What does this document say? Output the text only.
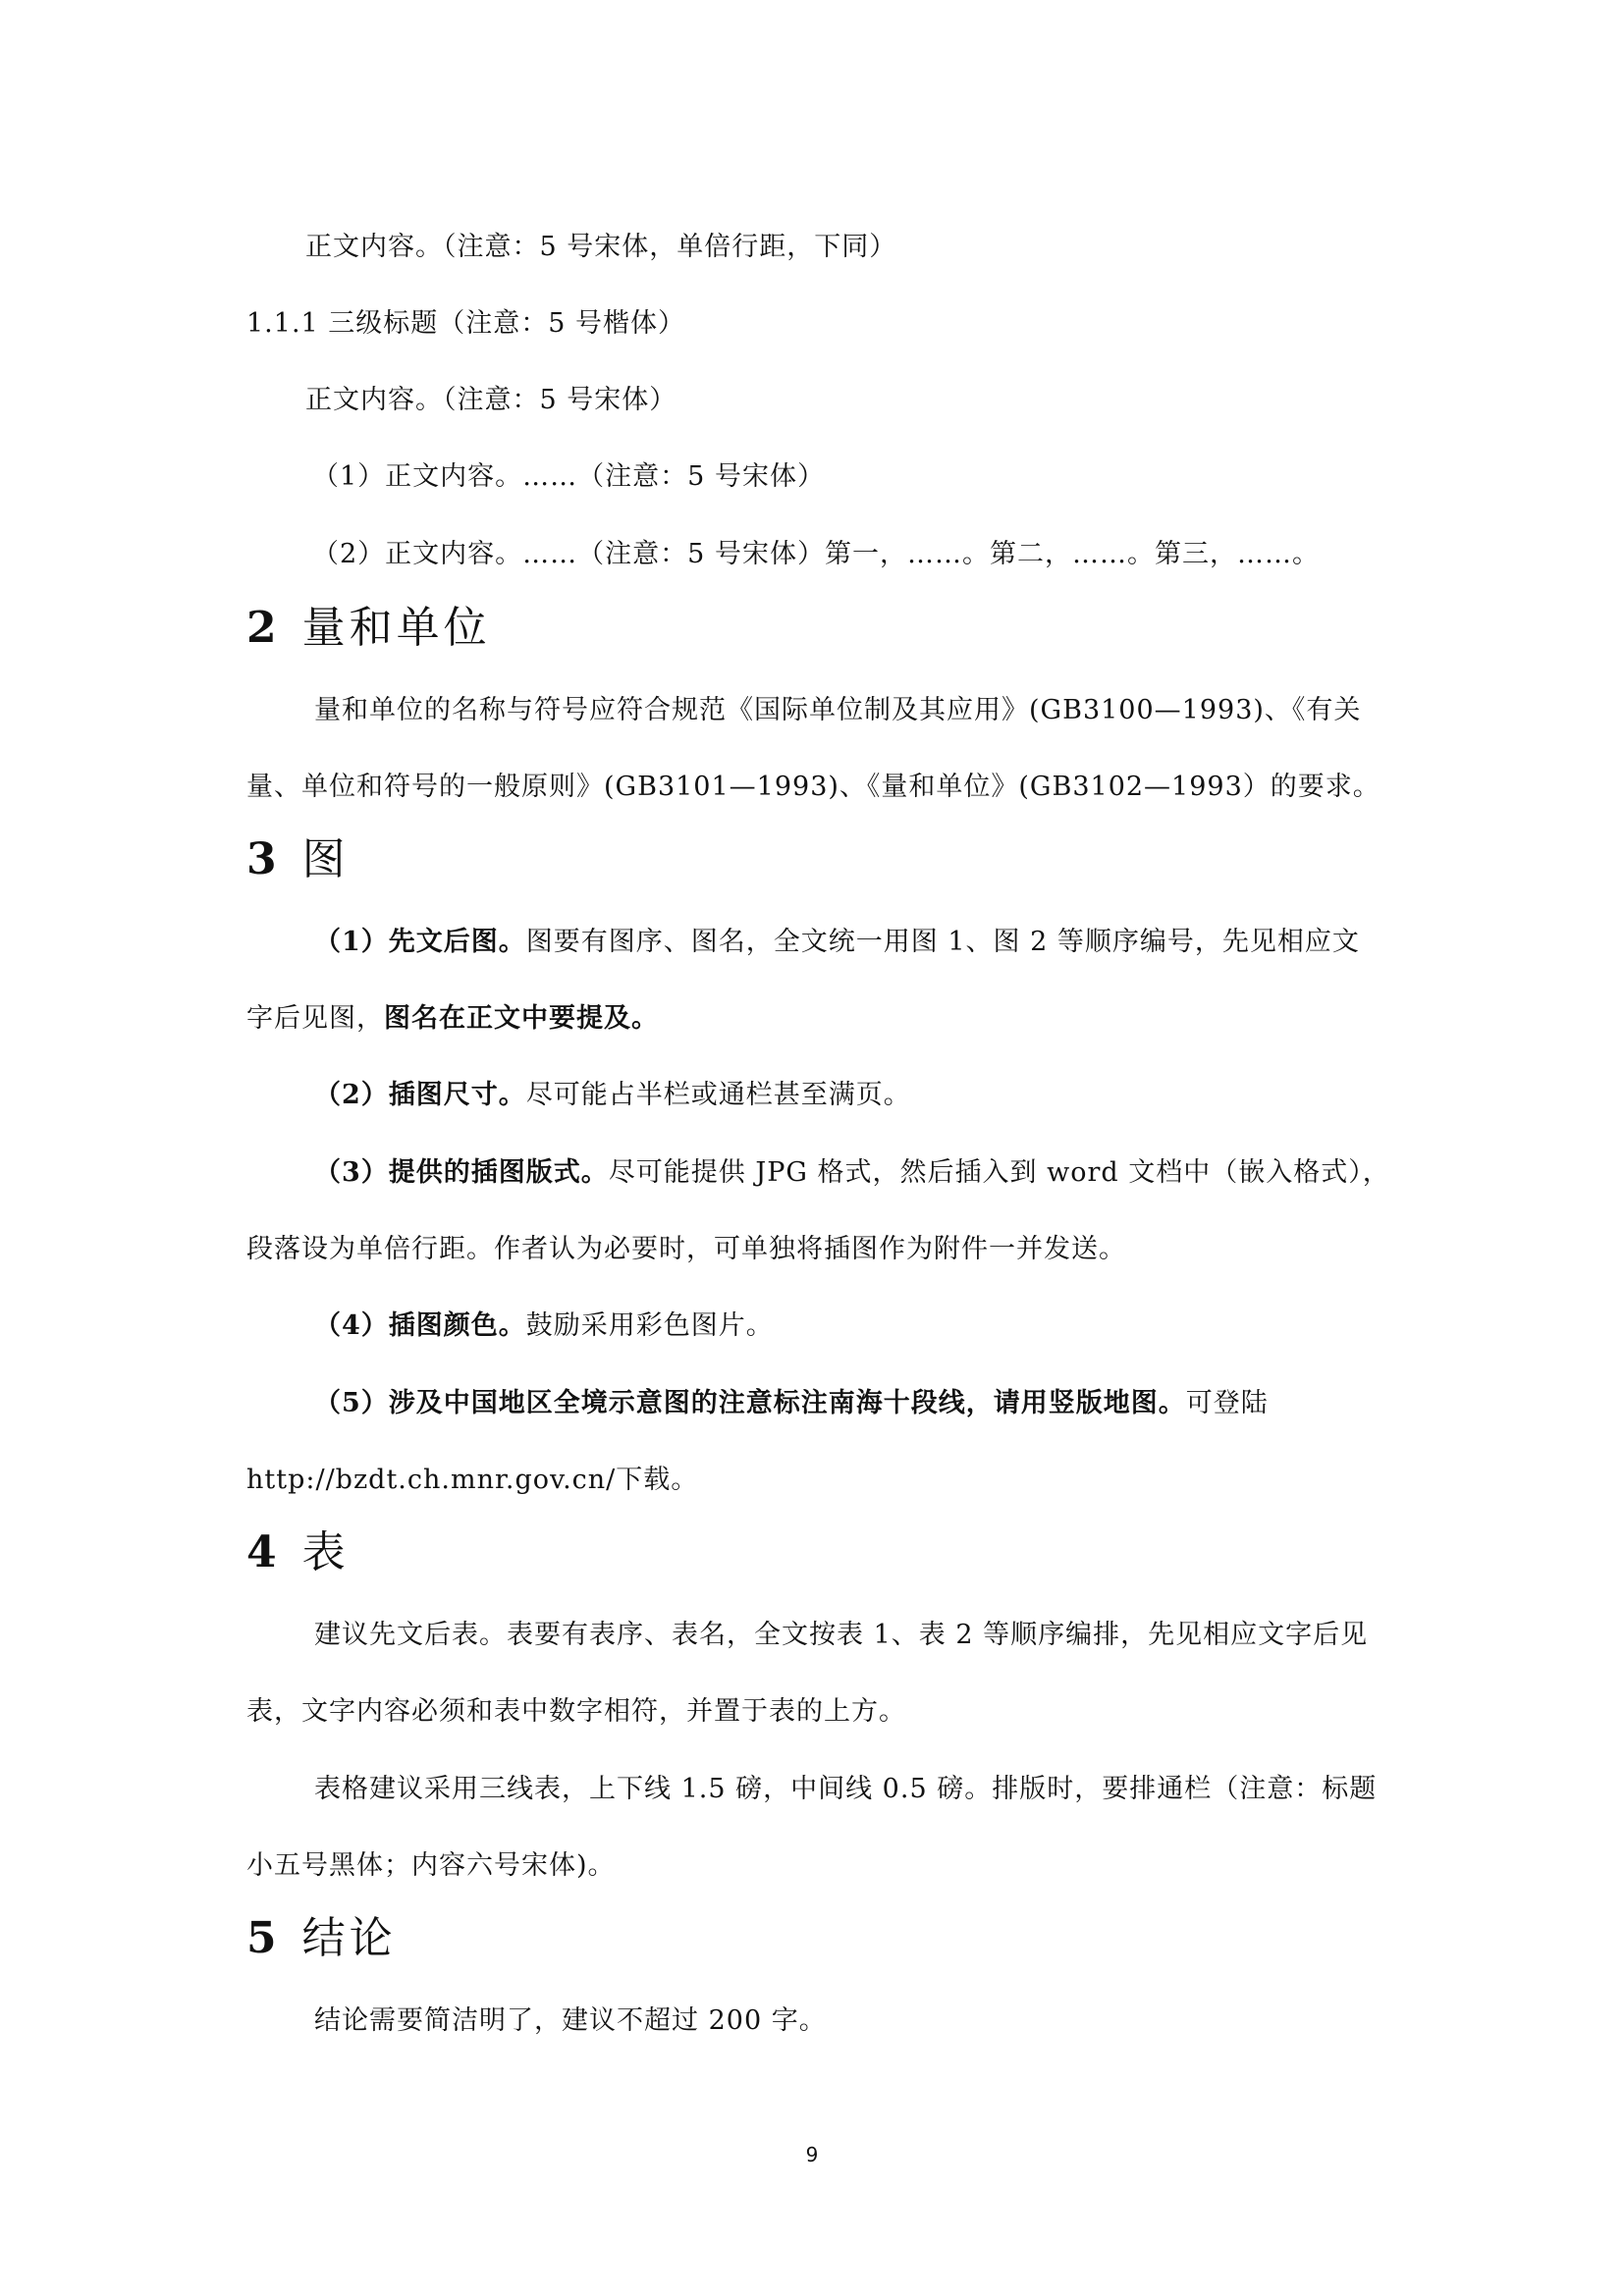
正文内容。（注意：5 号宋体，单倍行距，下同）
1.1.1 三级标题（注意：5 号楷体）
正文内容。（注意：5 号宋体）
（1）正文内容。……（注意：5 号宋体）
（2）正文内容。……（注意：5 号宋体）第一，……。第二，……。第三，……。
2 量和单位
量和单位的名称与符号应符合规范《国际单位制及其应用》(GB3100—1993)、《有关
量、单位和符号的一般原则》(GB3101—1993)、《量和单位》(GB3102—1993）的要求。
3 图
（1）先文后图。图要有图序、图名，全文统一用图 1、图 2 等顺序编号，先见相应文
字后见图，图名在正文中要提及。
（2）插图尺寸。尽可能占半栏或通栏甚至满页。
（3）提供的插图版式。尽可能提供 JPG 格式，然后插入到 word 文档中（嵌入格式），
段落设为单倍行距。作者认为必要时，可单独将插图作为附件一并发送。
（4）插图颜色。鼓励采用彩色图片。
（5）涉及中国地区全境示意图的注意标注南海十段线，请用竖版地图。可登陆
http://bzdt.ch.mnr.gov.cn/下载。
4 表
建议先文后表。表要有表序、表名，全文按表 1、表 2 等顺序编排，先见相应文字后见
表，文字内容必须和表中数字相符，并置于表的上方。
表格建议采用三线表，上下线 1.5 磅，中间线 0.5 磅。排版时，要排通栏（注意：标题
小五号黑体；内容六号宋体)。
5 结论
结论需要简洁明了，建议不超过 200 字。
9
